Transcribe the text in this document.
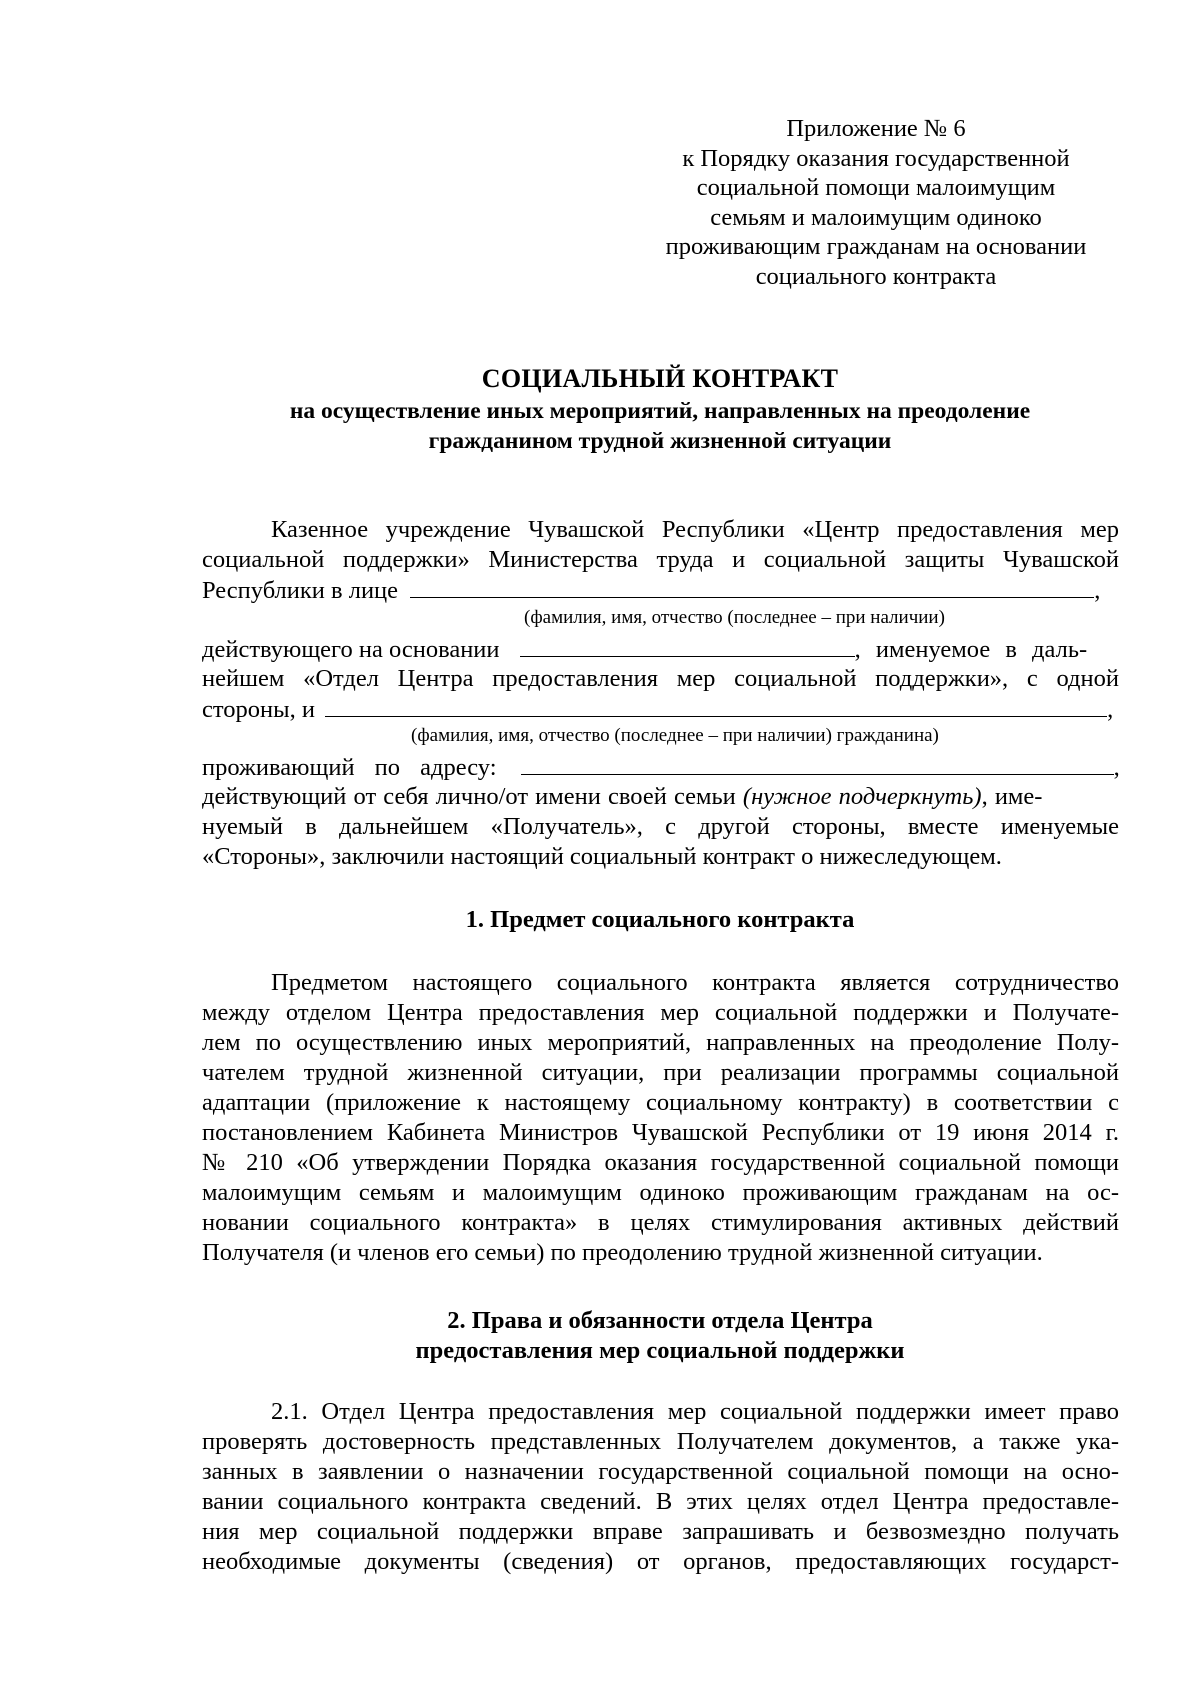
Приложение № 6
к Порядку оказания государственной
социальной помощи малоимущим
семьям и малоимущим одиноко
проживающим гражданам на основании
социального контракта
СОЦИАЛЬНЫЙ КОНТРАКТ
на осуществление иных мероприятий, направленных на преодоление
гражданином трудной жизненной ситуации
Казенное учреждение Чувашской Республики «Центр предоставления мер
социальной поддержки» Министерства труда и социальной защиты Чувашской
Республики в лице	,
(фамилия, имя, отчество (последнее – при наличии)
действующего на основании	, именуемое в даль-
нейшем «Отдел Центра предоставления мер социальной поддержки», с одной
стороны, и	,
(фамилия, имя, отчество (последнее – при наличии) гражданина)
проживающий по адресу:	,
действующий от себя лично/от имени своей семьи (нужное подчеркнуть), име-
нуемый в дальнейшем «Получатель», с другой стороны, вместе именуемые
«Стороны», заключили настоящий социальный контракт о нижеследующем.
1. Предмет социального контракта
Предметом настоящего социального контракта является сотрудничество
между отделом Центра предоставления мер социальной поддержки и Получате-
лем по осуществлению иных мероприятий, направленных на преодоление Полу-
чателем трудной жизненной ситуации, при реализации программы социальной
адаптации (приложение к настоящему социальному контракту) в соответствии с
постановлением Кабинета Министров Чувашской Республики от 19 июня 2014 г.
№ 210 «Об утверждении Порядка оказания государственной социальной помощи
малоимущим семьям и малоимущим одиноко проживающим гражданам на ос-
новании социального контракта» в целях стимулирования активных действий
Получателя (и членов его семьи) по преодолению трудной жизненной ситуации.
2. Права и обязанности отдела Центра
предоставления мер социальной поддержки
2.1. Отдел Центра предоставления мер социальной поддержки имеет право
проверять достоверность представленных Получателем документов, а также ука-
занных в заявлении о назначении государственной социальной помощи на осно-
вании социального контракта сведений. В этих целях отдел Центра предоставле-
ния мер социальной поддержки вправе запрашивать и безвозмездно получать
необходимые документы (сведения) от органов, предоставляющих государст-
